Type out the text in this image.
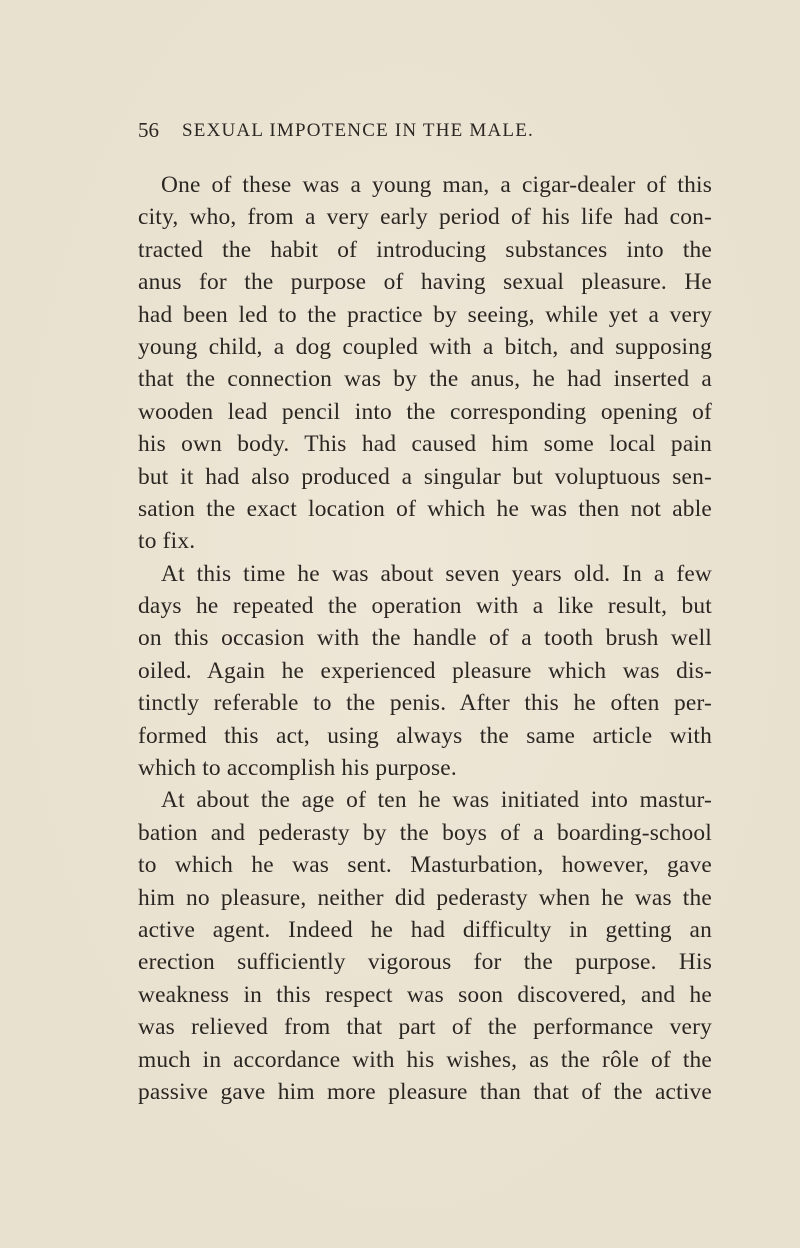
56 SEXUAL IMPOTENCE IN THE MALE.
One of these was a young man, a cigar-dealer of this
city, who, from a very early period of his life had con-
tracted the habit of introducing substances into the
anus for the purpose of having sexual pleasure. He
had been led to the practice by seeing, while yet a very
young child, a dog coupled with a bitch, and supposing
that the connection was by the anus, he had inserted a
wooden lead pencil into the corresponding opening of
his own body. This had caused him some local pain
but it had also produced a singular but voluptuous sen-
sation the exact location of which he was then not able
to fix.
At this time he was about seven years old. In a few
days he repeated the operation with a like result, but
on this occasion with the handle of a tooth brush well
oiled. Again he experienced pleasure which was dis-
tinctly referable to the penis. After this he often per-
formed this act, using always the same article with
which to accomplish his purpose.
At about the age of ten he was initiated into mastur-
bation and pederasty by the boys of a boarding-school
to which he was sent. Masturbation, however, gave
him no pleasure, neither did pederasty when he was the
active agent. Indeed he had difficulty in getting an
erection sufficiently vigorous for the purpose. His
weakness in this respect was soon discovered, and he
was relieved from that part of the performance very
much in accordance with his wishes, as the rôle of the
passive gave him more pleasure than that of the active
